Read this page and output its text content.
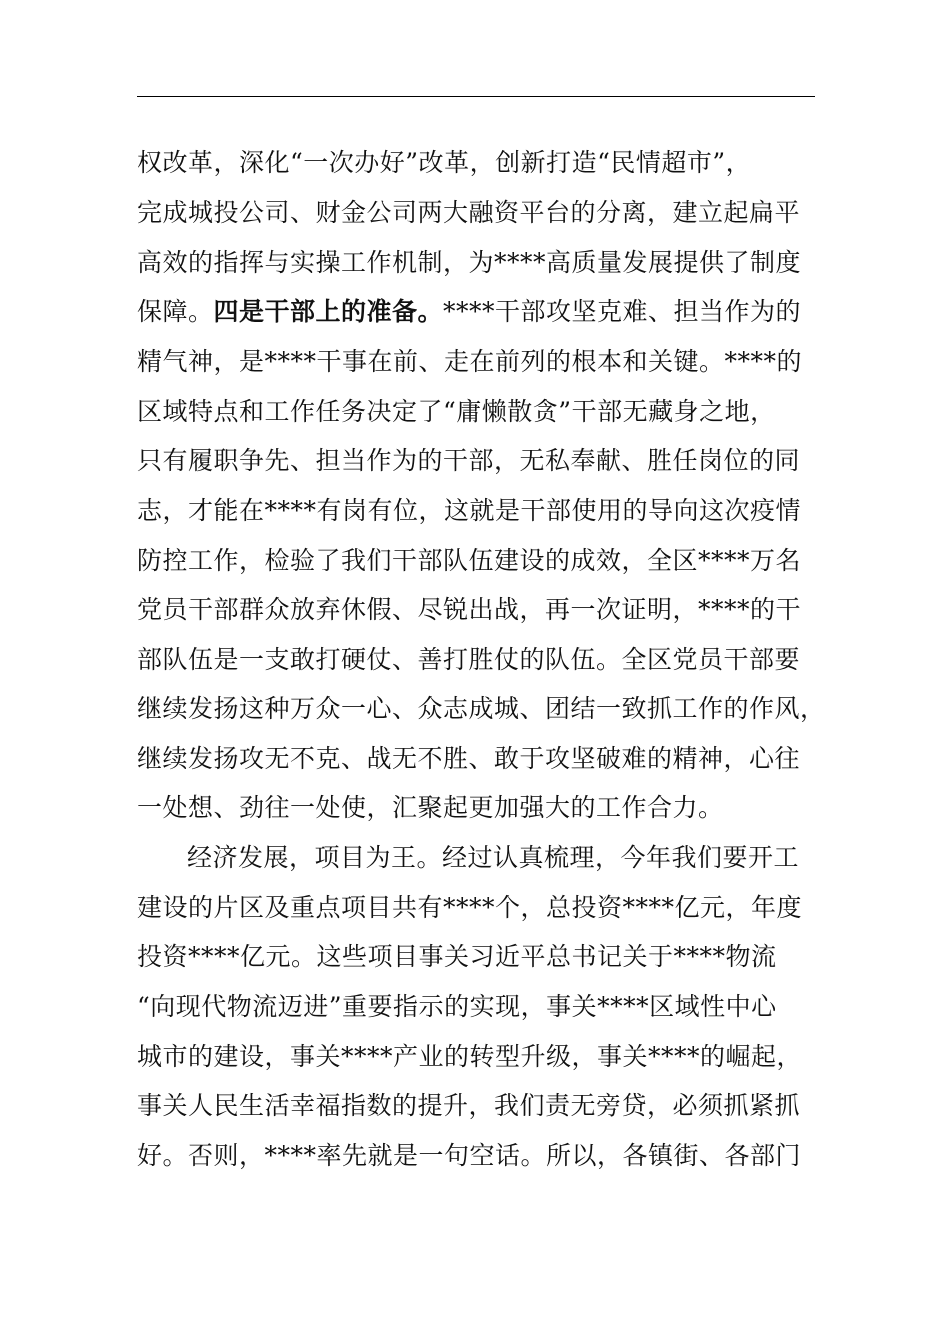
权改革，深化“一次办好”改革，创新打造“民情超市”，
完成城投公司、财金公司两大融资平台的分离，建立起扁平
高效的指挥与实操工作机制，为****高质量发展提供了制度
保障。四是干部上的准备。****干部攻坚克难、担当作为的
精气神，是****干事在前、走在前列的根本和关键。****的
区域特点和工作任务决定了“庸懒散贪”干部无藏身之地，
只有履职争先、担当作为的干部，无私奉献、胜任岗位的同
志，才能在****有岗有位，这就是干部使用的导向这次疫情
防控工作，检验了我们干部队伍建设的成效，全区****万名
党员干部群众放弃休假、尽锐出战，再一次证明，****的干
部队伍是一支敢打硬仗、善打胜仗的队伍。全区党员干部要
继续发扬这种万众一心、众志成城、团结一致抓工作的作风，
继续发扬攻无不克、战无不胜、敢于攻坚破难的精神，心往
一处想、劲往一处使，汇聚起更加强大的工作合力。
经济发展，项目为王。经过认真梳理，今年我们要开工
建设的片区及重点项目共有****个，总投资****亿元，年度
投资****亿元。这些项目事关习近平总书记关于****物流
“向现代物流迈进”重要指示的实现，事关****区域性中心
城市的建设，事关****产业的转型升级，事关****的崛起，
事关人民生活幸福指数的提升，我们责无旁贷，必须抓紧抓
好。否则，****率先就是一句空话。所以，各镇街、各部门
